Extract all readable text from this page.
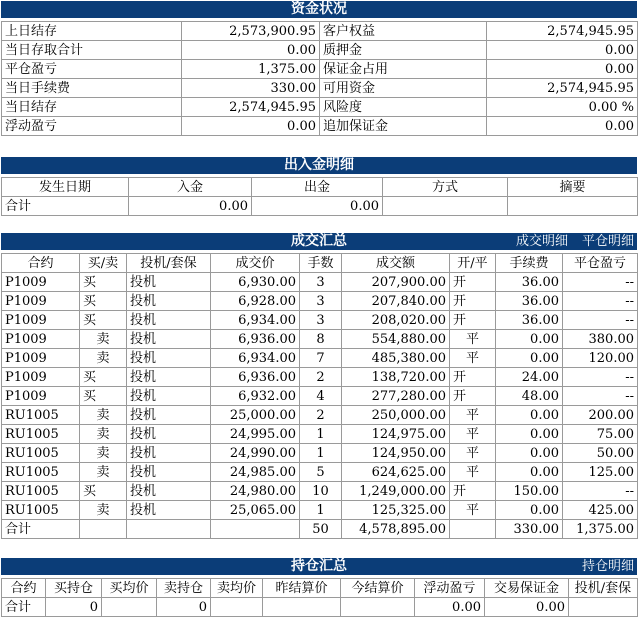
资金状况
上日结存	2,573,900.95	客户权益	2,574,945.95
当日存取合计	0.00	质押金	0.00
平仓盈亏	1,375.00	保证金占用	0.00
当日手续费	330.00	可用资金	2,574,945.95
当日结存	2,574,945.95	风险度	0.00 %
浮动盈亏	0.00	追加保证金	0.00
出入金明细
发生日期	入金	出金	方式	摘要
合计	0.00	0.00		
成交汇总	成交明细 平仓明细
合约	买/卖	投机/套保	成交价	手数	成交额	开/平	手续费	平仓盈亏
P1009	买	投机	6,930.00	3	207,900.00	开	36.00	--
P1009	买	投机	6,928.00	3	207,840.00	开	36.00	--
P1009	买	投机	6,934.00	3	208,020.00	开	36.00	--
P1009	卖	投机	6,936.00	8	554,880.00	平	0.00	380.00
P1009	卖	投机	6,934.00	7	485,380.00	平	0.00	120.00
P1009	买	投机	6,936.00	2	138,720.00	开	24.00	--
P1009	买	投机	6,932.00	4	277,280.00	开	48.00	--
RU1005	卖	投机	25,000.00	2	250,000.00	平	0.00	200.00
RU1005	卖	投机	24,995.00	1	124,975.00	平	0.00	75.00
RU1005	卖	投机	24,990.00	1	124,950.00	平	0.00	50.00
RU1005	卖	投机	24,985.00	5	624,625.00	平	0.00	125.00
RU1005	买	投机	24,980.00	10	1,249,000.00	开	150.00	--
RU1005	卖	投机	25,065.00	1	125,325.00	平	0.00	425.00
合计				50	4,578,895.00		330.00	1,375.00
持仓汇总	持仓明细
合约	买持仓	买均价	卖持仓	卖均价	昨结算价	今结算价	浮动盈亏	交易保证金	投机/套保
合计	0		0				0.00	0.00	
